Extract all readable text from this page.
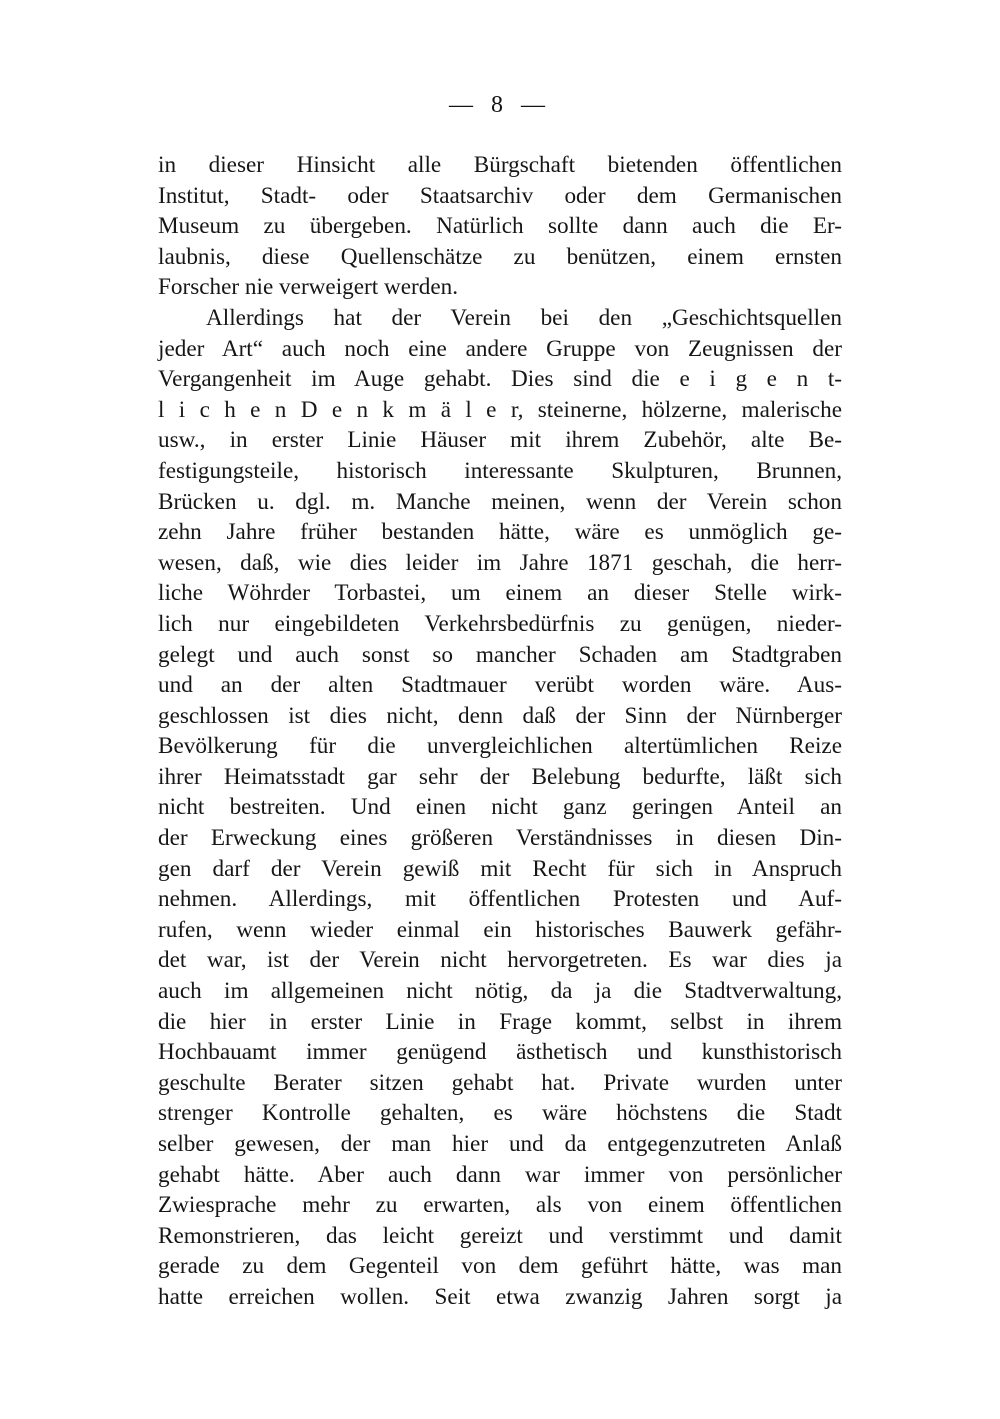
— 8 —
in dieser Hinsicht alle Bürgschaft bietenden öffentlichen
Institut, Stadt- oder Staatsarchiv oder dem Germanischen
Museum zu übergeben. Natürlich sollte dann auch die Er-
laubnis, diese Quellenschätze zu benützen, einem ernsten
Forscher nie verweigert werden.
Allerdings hat der Verein bei den „Geschichtsquellen
jeder Art“ auch noch eine andere Gruppe von Zeugnissen der
Vergangenheit im Auge gehabt. Dies sind die e i g e n t-
l i c h e n D e n k m ä l e r, steinerne, hölzerne, malerische
usw., in erster Linie Häuser mit ihrem Zubehör, alte Be-
festigungsteile, historisch interessante Skulpturen, Brunnen,
Brücken u. dgl. m. Manche meinen, wenn der Verein schon
zehn Jahre früher bestanden hätte, wäre es unmöglich ge-
wesen, daß, wie dies leider im Jahre 1871 geschah, die herr-
liche Wöhrder Torbastei, um einem an dieser Stelle wirk-
lich nur eingebildeten Verkehrsbedürfnis zu genügen, nieder-
gelegt und auch sonst so mancher Schaden am Stadtgraben
und an der alten Stadtmauer verübt worden wäre. Aus-
geschlossen ist dies nicht, denn daß der Sinn der Nürnberger
Bevölkerung für die unvergleichlichen altertümlichen Reize
ihrer Heimatsstadt gar sehr der Belebung bedurfte, läßt sich
nicht bestreiten. Und einen nicht ganz geringen Anteil an
der Erweckung eines größeren Verständnisses in diesen Din-
gen darf der Verein gewiß mit Recht für sich in Anspruch
nehmen. Allerdings, mit öffentlichen Protesten und Auf-
rufen, wenn wieder einmal ein historisches Bauwerk gefähr-
det war, ist der Verein nicht hervorgetreten. Es war dies ja
auch im allgemeinen nicht nötig, da ja die Stadtverwaltung,
die hier in erster Linie in Frage kommt, selbst in ihrem
Hochbauamt immer genügend ästhetisch und kunsthistorisch
geschulte Berater sitzen gehabt hat. Private wurden unter
strenger Kontrolle gehalten, es wäre höchstens die Stadt
selber gewesen, der man hier und da entgegenzutreten Anlaß
gehabt hätte. Aber auch dann war immer von persönlicher
Zwiesprache mehr zu erwarten, als von einem öffentlichen
Remonstrieren, das leicht gereizt und verstimmt und damit
gerade zu dem Gegenteil von dem geführt hätte, was man
hatte erreichen wollen. Seit etwa zwanzig Jahren sorgt ja
